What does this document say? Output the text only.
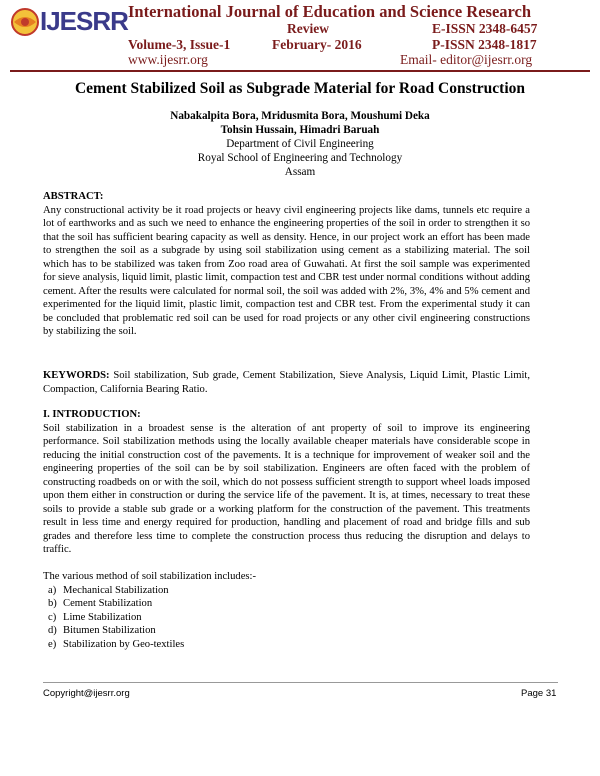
IJESRR International Journal of Education and Science Research
Review	E-ISSN 2348-6457
Volume-3, Issue-1	February- 2016	P-ISSN 2348-1817
www.ijesrr.org	Email- editor@ijesrr.org
Cement Stabilized Soil as Subgrade Material for Road Construction
Nabakalpita Bora, Mridusmita Bora, Moushumi Deka
Tohsin Hussain, Himadri Baruah
Department of Civil Engineering
Royal School of Engineering and Technology
Assam
ABSTRACT:
Any constructional activity be it road projects or heavy civil engineering projects like dams, tunnels etc require a lot of earthworks and as such we need to enhance the engineering properties of the soil in order to strengthen it so that the soil has sufficient bearing capacity as well as density. Hence, in our project work an effort has been made to strengthen the soil as a subgrade by using soil stabilization using cement as a stabilizing material. The soil which has to be stabilized was taken from Zoo road area of Guwahati. At first the soil sample was experimented for sieve analysis, liquid limit, plastic limit, compaction test and CBR test under normal conditions without adding cement. After the results were calculated for normal soil, the soil was added with 2%, 3%, 4% and 5% cement and experimented for the liquid limit, plastic limit, compaction test and CBR test. From the experimental study it can be concluded that problematic red soil can be used for road projects or any other civil engineering constructions by stabilizing the soil.
KEYWORDS: Soil stabilization, Sub grade, Cement Stabilization, Sieve Analysis, Liquid Limit, Plastic Limit, Compaction, California Bearing Ratio.
I. INTRODUCTION:
Soil stabilization in a broadest sense is the alteration of ant property of soil to improve its engineering performance. Soil stabilization methods using the locally available cheaper materials have considerable scope in reducing the initial construction cost of the pavements. It is a technique for improvement of weaker soil and the engineering properties of the soil can be by soil stabilization. Engineers are often faced with the problem of constructing roadbeds on or with the soil, which do not possess sufficient strength to support wheel loads imposed upon them either in construction or during the service life of the pavement. It is, at times, necessary to treat these soils to provide a stable sub grade or a working platform for the construction of the pavement. This treatments result in less time and energy required for production, handling and placement of road and bridge fills and sub grades and therefore less time to complete the construction process thus reducing the disruption and delays to traffic.
The various method of soil stabilization includes:-
a) Mechanical Stabilization
b) Cement Stabilization
c) Lime Stabilization
d) Bitumen Stabilization
e) Stabilization by Geo-textiles
Copyright@ijesrr.org	Page 31
